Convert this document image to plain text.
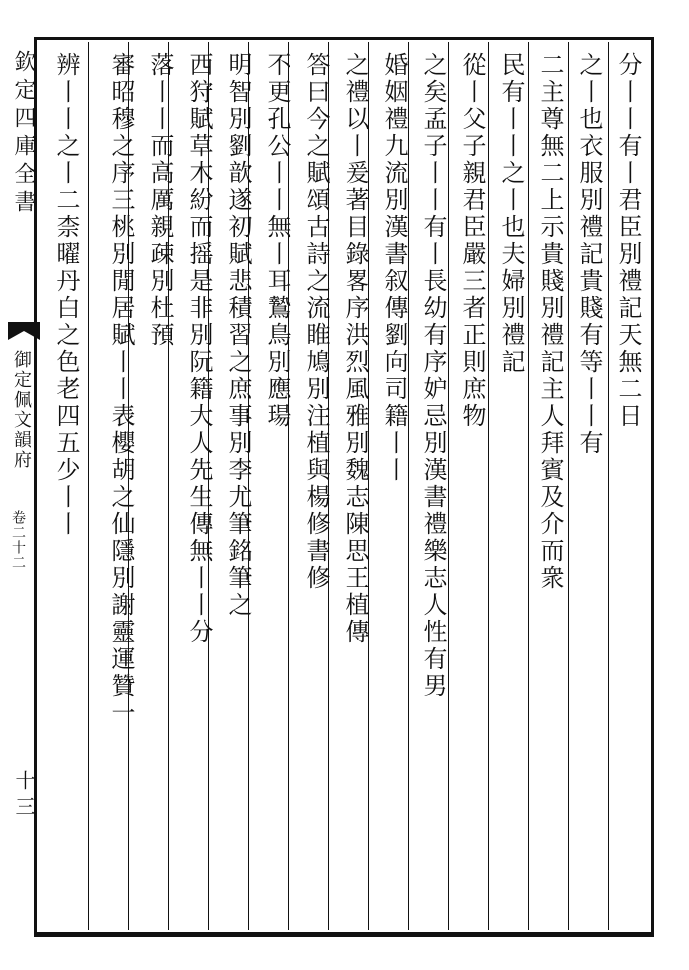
欽定四庫全書
御定佩文韻府
卷二十二
十三
分丨丨有丨君臣別禮記天無二日
之丨也衣服別禮記貴賤有等丨丨有
二主尊無二上示貴賤別禮記主人拜賓及介而衆
民有丨丨之丨也夫婦別禮記
從丨父子親君臣嚴三者正則庶物
之矣孟子丨丨有丨長幼有序妒忌別漢書禮樂志人性有男
婚姻禮九流別漢書叙傳劉向司籍丨丨
之禮以丨爰著目錄畧序洪烈風雅別魏志陳思王植傳
答曰今之賦頌古詩之流睢鳩別注植與楊修書修
不更孔公丨丨無丨耳鷙鳥別應瑒
明智別劉歆遂初賦悲積習之庶事別李尤筆銘筆之
西狩賦草木紛而摇是非別阮籍大人先生傳無丨丨分
落丨丨而高厲親疎別杜預
審昭穆之序三桃別閒居賦丨丨表櫻胡之仙隱別謝靈運贊一
辨丨丨之丨二柰曜丹白之色老四五少丨丨
